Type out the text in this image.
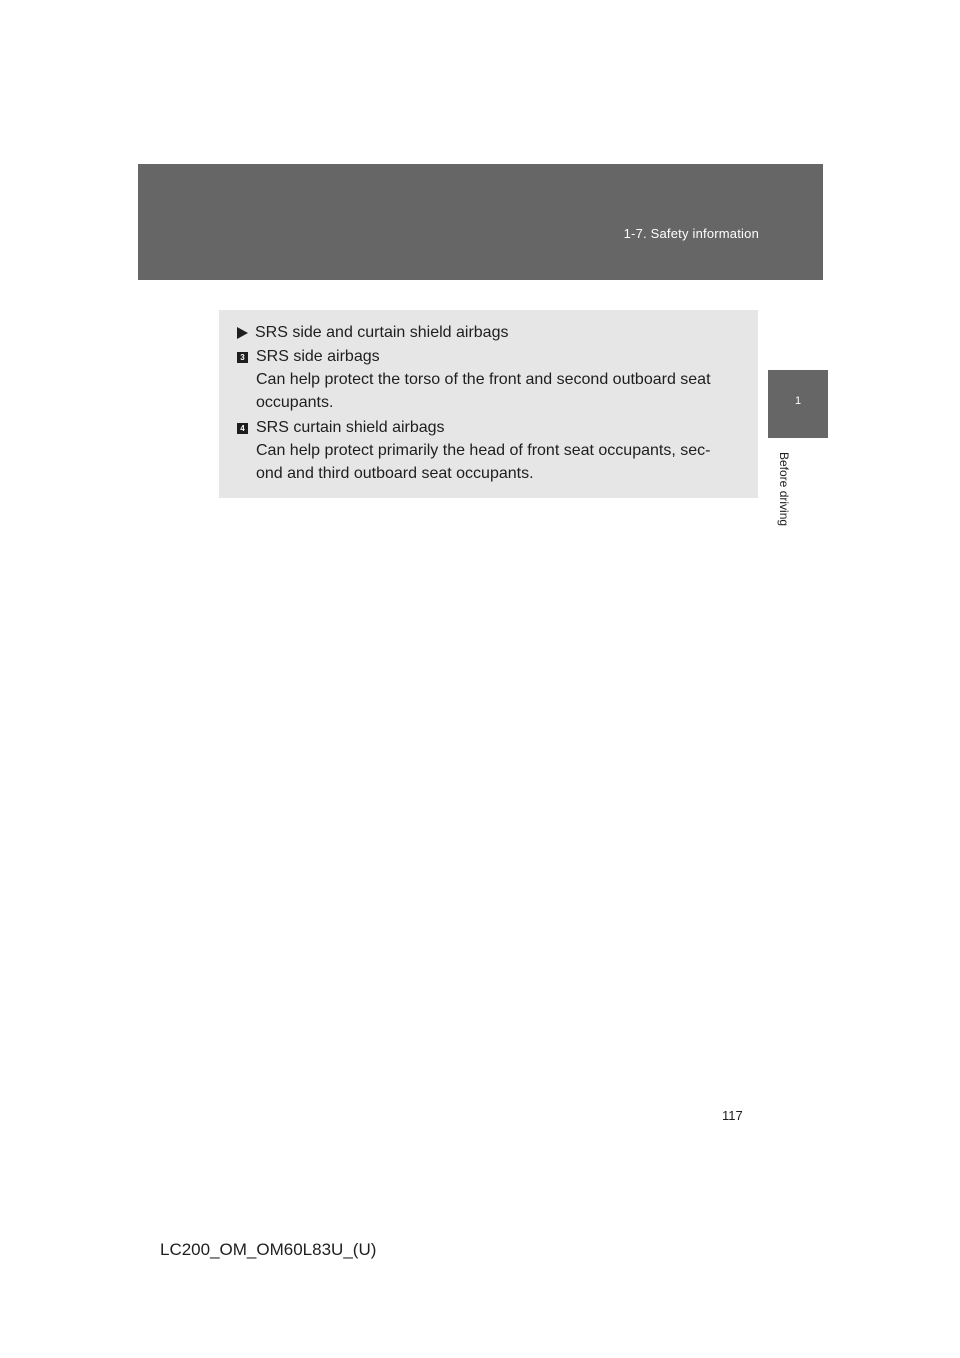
1-7. Safety information
1
Before driving
SRS side and curtain shield airbags
3 SRS side airbags
Can help protect the torso of the front and second outboard seat
occupants.
4 SRS curtain shield airbags
Can help protect primarily the head of front seat occupants, sec-
ond and third outboard seat occupants.
117
LC200_OM_OM60L83U_(U)
